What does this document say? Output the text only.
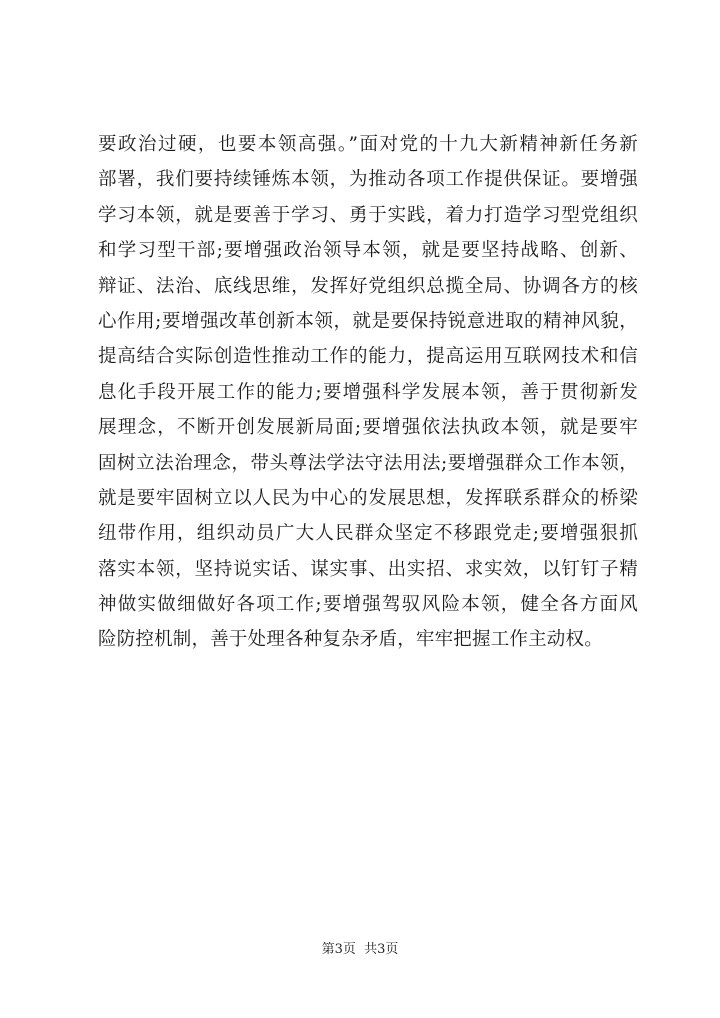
要政治过硬，也要本领高强。”面对党的十九大新精神新任务新
部署，我们要持续锤炼本领，为推动各项工作提供保证。要增强
学习本领，就是要善于学习、勇于实践，着力打造学习型党组织
和学习型干部;要增强政治领导本领，就是要坚持战略、创新、
辩证、法治、底线思维，发挥好党组织总揽全局、协调各方的核
心作用;要增强改革创新本领，就是要保持锐意进取的精神风貌，
提高结合实际创造性推动工作的能力，提高运用互联网技术和信
息化手段开展工作的能力;要增强科学发展本领，善于贯彻新发
展理念，不断开创发展新局面;要增强依法执政本领，就是要牢
固树立法治理念，带头尊法学法守法用法;要增强群众工作本领，
就是要牢固树立以人民为中心的发展思想，发挥联系群众的桥梁
纽带作用，组织动员广大人民群众坚定不移跟党走;要增强狠抓
落实本领，坚持说实话、谋实事、出实招、求实效，以钉钉子精
神做实做细做好各项工作;要增强驾驭风险本领，健全各方面风
险防控机制，善于处理各种复杂矛盾，牢牢把握工作主动权。
第3页 共3页
